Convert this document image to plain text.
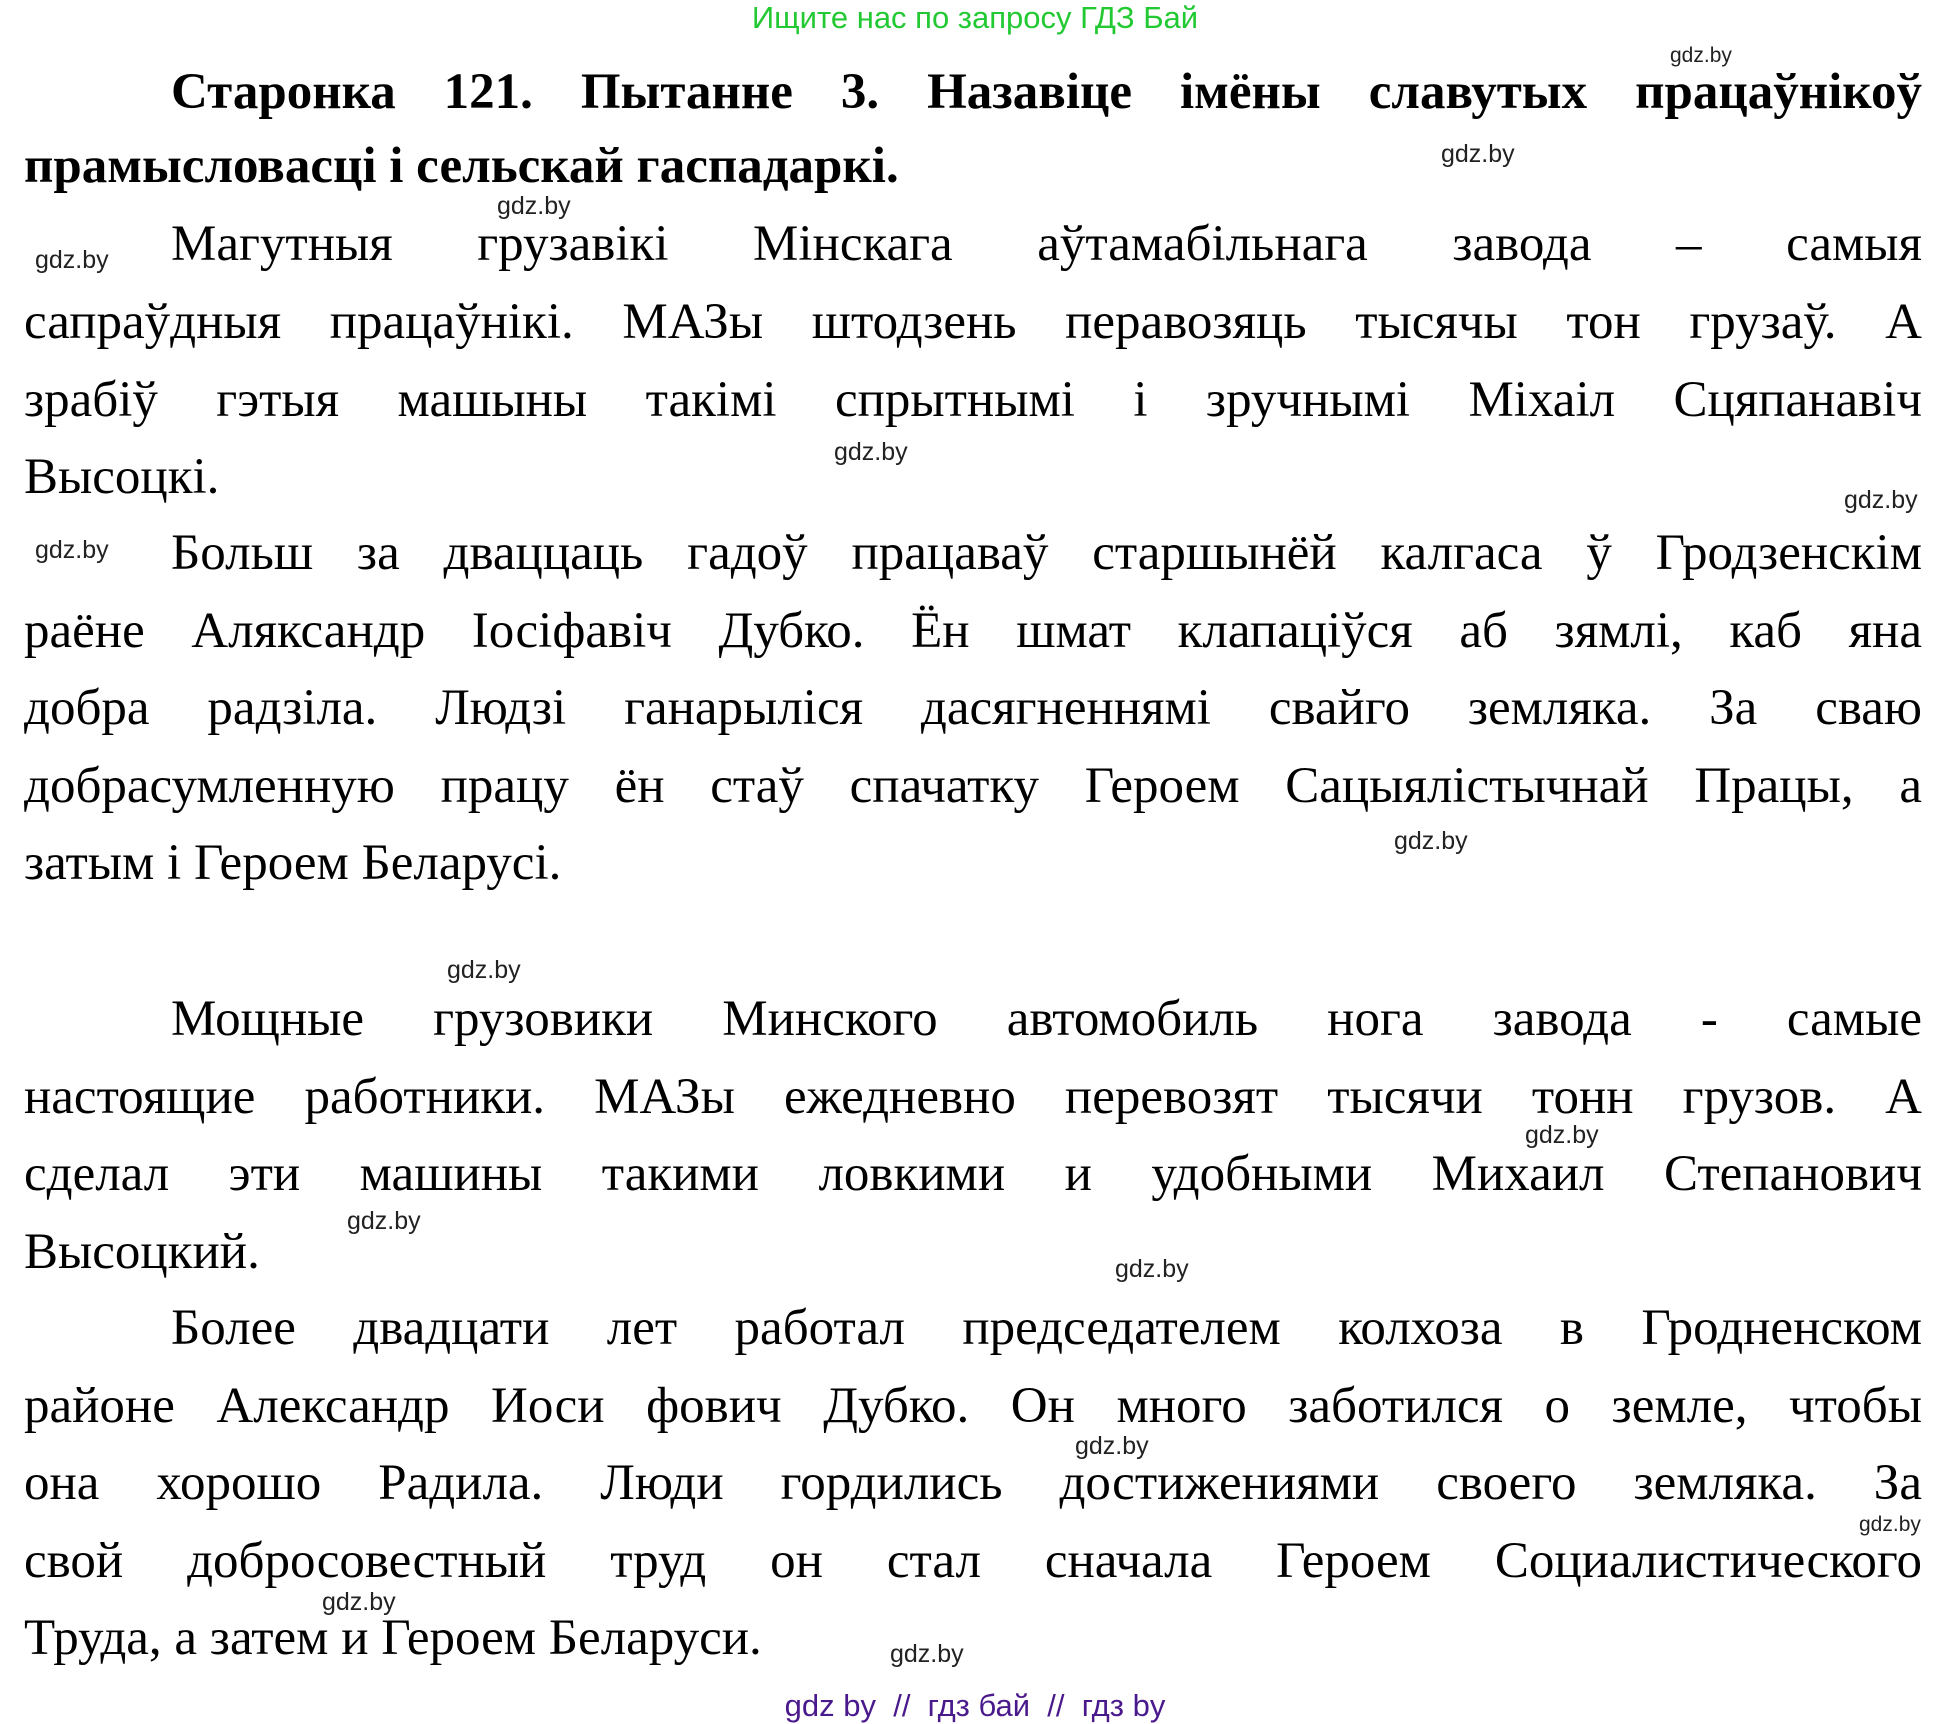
Ищите нас по запросу ГДЗ Бай
Старонка 121. Пытанне 3. Назавіце імёны славутых працаўнікоў
прамысловасці і сельскай гаспадаркі.
Магутныя грузавікі Мінскага аўтамабільнага завода – самыя
сапраўдныя працаўнікі. МАЗы штодзень перавозяць тысячы тон грузаў. А
зрабіў гэтыя машыны такімі спрытнымі і зручнымі Міхаіл Сцяпанавіч
Высоцкі.
Больш за дваццаць гадоў працаваў старшынёй калгаса ў Гродзенскім
раёне Аляксандр Іосіфавіч Дубко. Ён шмат клапаціўся аб зямлі, каб яна
добра радзіла. Людзі ганарыліся дасягненнямі свайго земляка. За сваю
добрасумленную працу ён стаў спачатку Героем Сацыялістычнай Працы, а
затым і Героем Беларусі.
Мощные грузовики Минского автомобиль нога завода - самые
настоящие работники. МАЗы ежедневно перевозят тысячи тонн грузов. А
сделал эти машины такими ловкими и удобными Михаил Степанович
Высоцкий.
Более двадцати лет работал председателем колхоза в Гродненском
районе Александр Иоси фович Дубко. Он много заботился о земле, чтобы
она хорошо Радила. Люди гордились достижениями своего земляка. За
свой добросовестный труд он стал сначала Героем Социалистического
Труда, а затем и Героем Беларуси.
gdz.by
gdz.by
gdz.by
gdz.by
gdz.by
gdz.by
gdz.by
gdz.by
gdz.by
gdz.by
gdz.by
gdz.by
gdz.by
gdz.by
gdz.by
gdz.by
gdz by  //  гдз бай  //  гдз by
